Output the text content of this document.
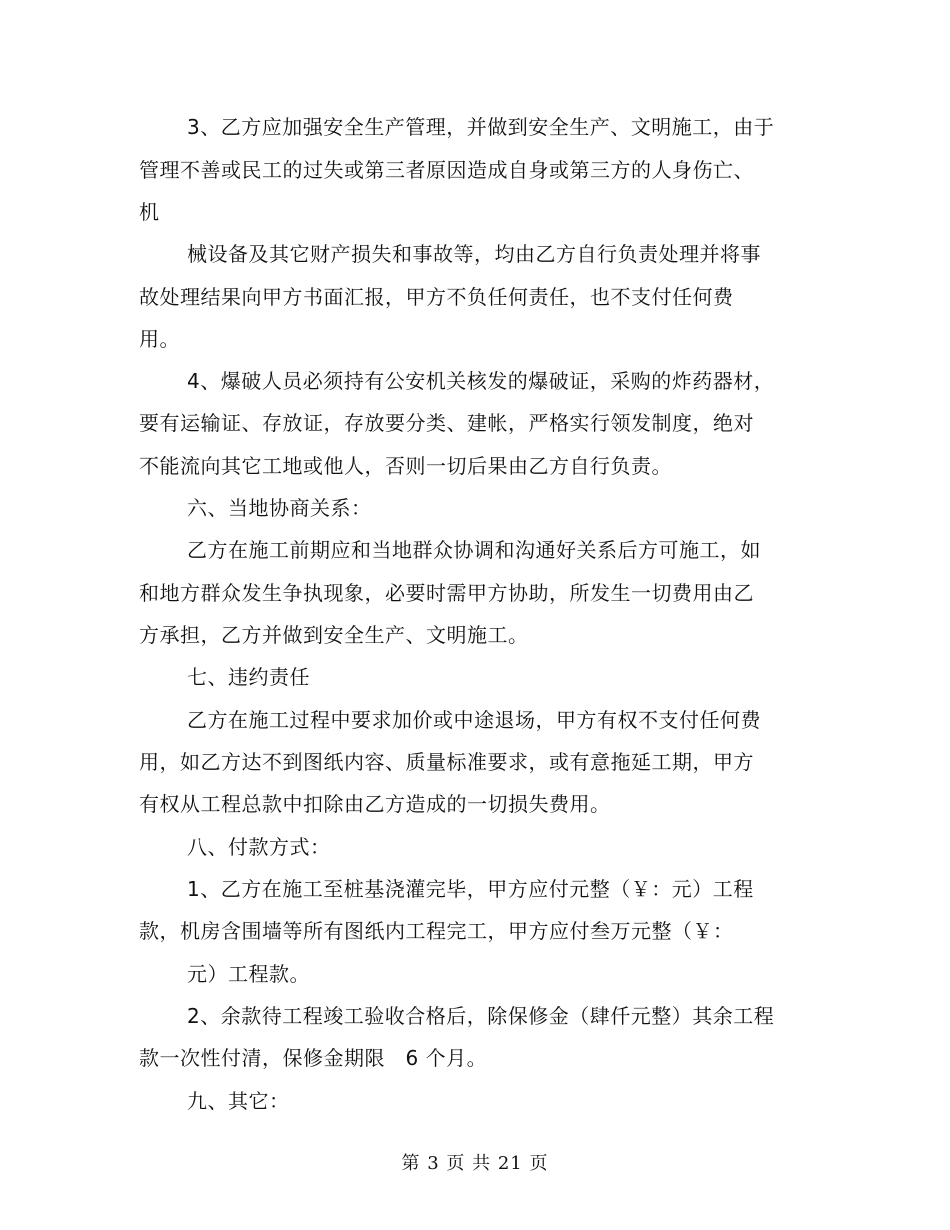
3、乙方应加强安全生产管理，并做到安全生产、文明施工，由于
管理不善或民工的过失或第三者原因造成自身或第三方的人身伤亡、
机
械设备及其它财产损失和事故等，均由乙方自行负责处理并将事
故处理结果向甲方书面汇报，甲方不负任何责任，也不支付任何费
用。
4、爆破人员必须持有公安机关核发的爆破证，采购的炸药器材，
要有运输证、存放证，存放要分类、建帐，严格实行领发制度，绝对
不能流向其它工地或他人，否则一切后果由乙方自行负责。
六、当地协商关系：
乙方在施工前期应和当地群众协调和沟通好关系后方可施工，如
和地方群众发生争执现象，必要时需甲方协助，所发生一切费用由乙
方承担，乙方并做到安全生产、文明施工。
七、违约责任
乙方在施工过程中要求加价或中途退场，甲方有权不支付任何费
用，如乙方达不到图纸内容、质量标准要求，或有意拖延工期，甲方
有权从工程总款中扣除由乙方造成的一切损失费用。
八、付款方式：
1、乙方在施工至桩基浇灌完毕，甲方应付元整（￥：元）工程
款，机房含围墙等所有图纸内工程完工，甲方应付叁万元整（￥：
元）工程款。
2、余款待工程竣工验收合格后，除保修金（肆仟元整）其余工程
款一次性付清，保修金期限　6 个月。
九、其它：
第 3 页 共 21 页
